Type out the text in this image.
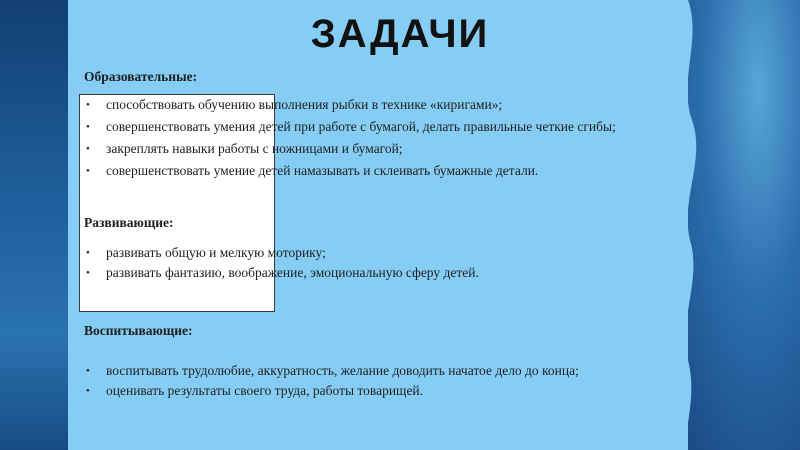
ЗАДАЧИ

Образовательные:

• способствовать обучению выполнения рыбки в технике «киригами»;
• совершенствовать умения детей при работе с бумагой, делать правильные четкие сгибы;
• закреплять навыки работы с ножницами и бумагой;
• совершенствовать умение детей намазывать и склеивать бумажные детали.

Развивающие:

• развивать общую и мелкую моторику;
• развивать фантазию, воображение, эмоциональную сферу детей.

Воспитывающие:

• воспитывать трудолюбие, аккуратность, желание доводить начатое дело до конца;
• оценивать результаты своего труда, работы товарищей.
